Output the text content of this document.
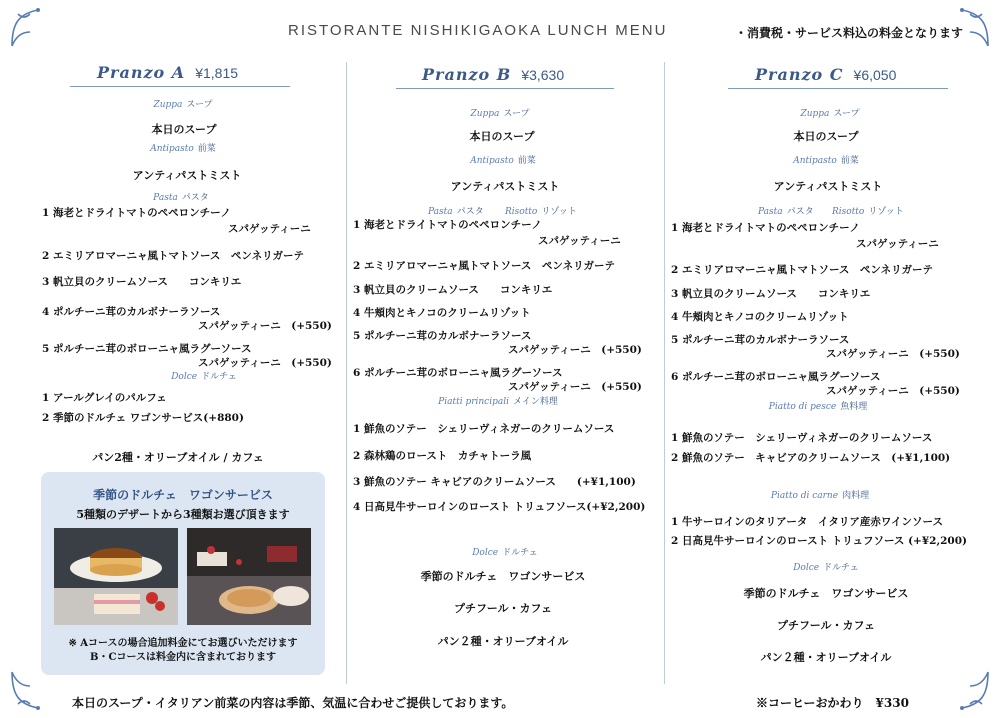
RISTORANTE NISHIKIGAOKA LUNCH MENU	・消費税・サービス料込の料金となります
Pranzo A ¥1,815
Zuppa スープ
本日のスープ
Antipasto 前菜
アンティパストミスト
Pasta パスタ
1 海老とドライトマトのペペロンチーノ
スパゲッティーニ
2 エミリアロマーニャ風トマトソース　ペンネリガーテ
3 帆立貝のクリームソース　　コンキリエ
4 ポルチーニ茸のカルボナーラソース
スパゲッティーニ　(+550)
5 ポルチーニ茸のボローニャ風ラグーソース
スパゲッティーニ　(+550)
Dolce ドルチェ
1 アールグレイのパルフェ
2 季節のドルチェ ワゴンサービス(+880)
パン2種・オリーブオイル / カフェ
季節のドルチェ　ワゴンサービス
5種類のデザートから3種類お選び頂きます
※ Aコースの場合追加料金にてお選びいただけます
B・Cコースは料金内に含まれております
Pranzo B ¥3,630
Zuppa スープ
本日のスープ
Antipasto 前菜
アンティパストミスト
Pasta パスタ Risotto リゾット
1 海老とドライトマトのペペロンチーノ
スパゲッティーニ
2 エミリアロマーニャ風トマトソース　ペンネリガーテ
3 帆立貝のクリームソース　　コンキリエ
4 牛頬肉とキノコのクリームリゾット
5 ポルチーニ茸のカルボナーラソース
スパゲッティーニ　(+550)
6 ポルチーニ茸のボローニャ風ラグーソース
スパゲッティーニ　(+550)
Piatti principali メイン料理
1 鮮魚のソテー　シェリーヴィネガーのクリームソース
2 森林鶏のロースト　カチャトーラ風
3 鮮魚のソテー キャビアのクリームソース　　(+¥1,100)
4 日高見牛サーロインのロースト トリュフソース(+¥2,200)
Dolce ドルチェ
季節のドルチェ　ワゴンサービス
プチフール・カフェ
パン２種・オリーブオイル
Pranzo C ¥6,050
Zuppa スープ
本日のスープ
Antipasto 前菜
アンティパストミスト
Pasta パスタ Risotto リゾット
1 海老とドライトマトのペペロンチーノ
スパゲッティーニ
2 エミリアロマーニャ風トマトソース　ペンネリガーテ
3 帆立貝のクリームソース　　コンキリエ
4 牛頬肉とキノコのクリームリゾット
5 ポルチーニ茸のカルボナーラソース
スパゲッティーニ　(+550)
6 ポルチーニ茸のボローニャ風ラグーソース
スパゲッティーニ　(+550)
Piatto di pesce 魚料理
1 鮮魚のソテー　シェリーヴィネガーのクリームソース
2 鮮魚のソテー　キャビアのクリームソース　(+¥1,100)
Piatto di carne 肉料理
1 牛サーロインのタリアータ　イタリア産赤ワインソース
2 日高見牛サーロインのロースト トリュフソース (+¥2,200)
Dolce ドルチェ
季節のドルチェ　ワゴンサービス
プチフール・カフェ
パン２種・オリーブオイル
本日のスープ・イタリアン前菜の内容は季節、気温に合わせご提供しております。	※コーヒーおかわり　¥330
